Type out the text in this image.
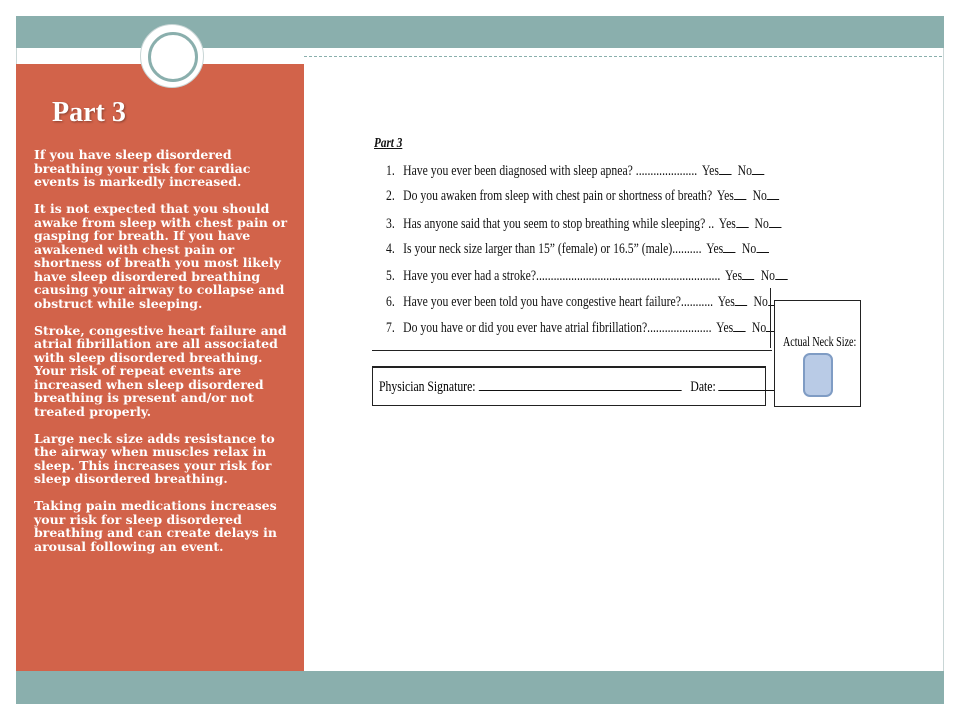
Part 3

If you have sleep disordered breathing your risk for cardiac events is markedly increased.

It is not expected that you should awake from sleep with chest pain or gasping for breath. If you have awakened with chest pain or shortness of breath you most likely have sleep disordered breathing causing your airway to collapse and obstruct while sleeping.

Stroke, congestive heart failure and atrial fibrillation are all associated with sleep disordered breathing. Your risk of repeat events are increased when sleep disordered breathing is present and/or not treated properly.

Large neck size adds resistance to the airway when muscles relax in sleep. This increases your risk for sleep disordered breathing.

Taking pain medications increases your risk for sleep disordered breathing and can create delays in arousal following an event.

Part 3
1. Have you ever been diagnosed with sleep apnea? ..................... Yes	No
2. Do you awaken from sleep with chest pain or shortness of breath? Yes	No
3. Has anyone said that you seem to stop breathing while sleeping? .. Yes	No
4. Is your neck size larger than 15” (female) or 16.5” (male).......... Yes	No
5. Have you ever had a stroke?............................................................... Yes	No
6. Have you ever been told you have congestive heart failure?........... Yes	No
7. Do you have or did you ever have atrial fibrillation?...................... Yes	No
Physician Signature:	Date:
Actual Neck Size:
